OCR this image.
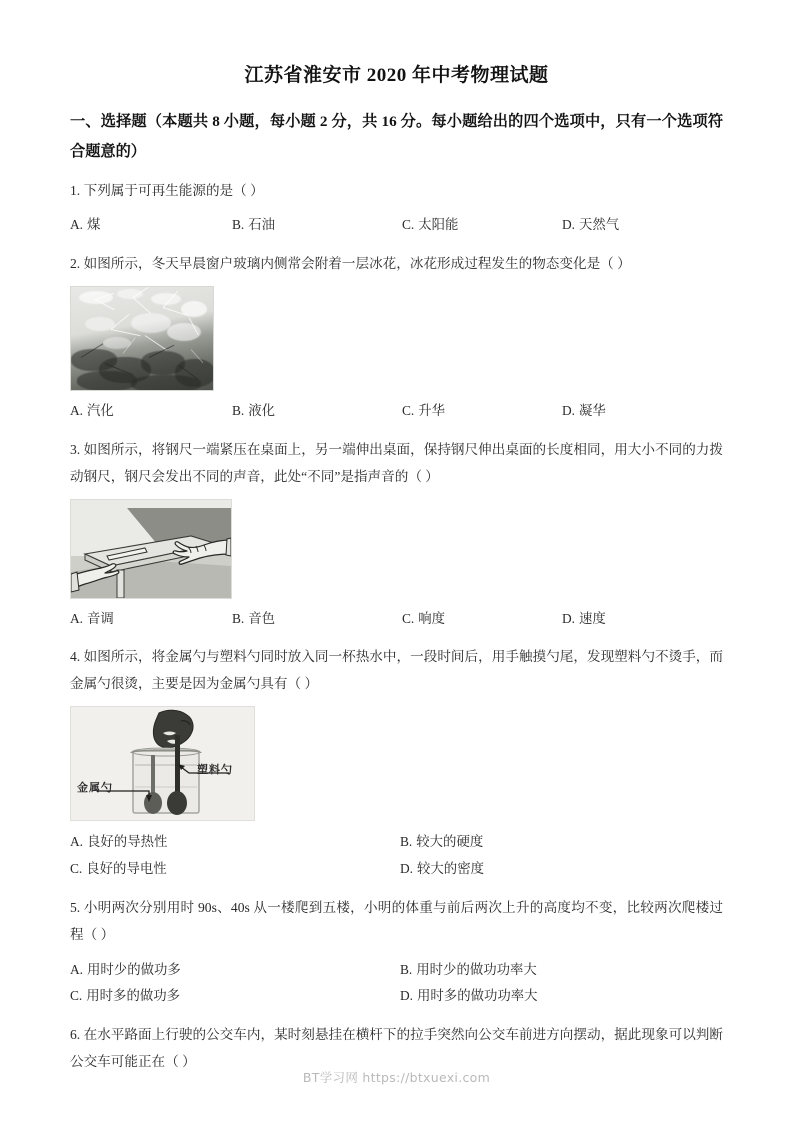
江苏省淮安市 2020 年中考物理试题

一、选择题（本题共 8 小题，每小题 2 分，共 16 分。每小题给出的四个选项中，只有一个选项符合题意的）

1. 下列属于可再生能源的是（ ）

A. 煤	B. 石油	C. 太阳能	D. 天然气

2. 如图所示，冬天早晨窗户玻璃内侧常会附着一层冰花，冰花形成过程发生的物态变化是（ ）

A. 汽化	B. 液化	C. 升华	D. 凝华

3. 如图所示，将钢尺一端紧压在桌面上，另一端伸出桌面，保持钢尺伸出桌面的长度相同，用大小不同的力拨动钢尺，钢尺会发出不同的声音，此处“不同”是指声音的（ ）

A. 音调	B. 音色	C. 响度	D. 速度

4. 如图所示，将金属勺与塑料勺同时放入同一杯热水中，一段时间后，用手触摸勺尾，发现塑料勺不烫手，而金属勺很烫，主要是因为金属勺具有（ ）

金属勺
塑料勺
A. 良好的导热性	B. 较大的硬度
C. 良好的导电性	D. 较大的密度

5. 小明两次分别用时 90s、40s 从一楼爬到五楼，小明的体重与前后两次上升的高度均不变，比较两次爬楼过程（ ）

A. 用时少的做功多	B. 用时少的做功功率大
C. 用时多的做功多	D. 用时多的做功功率大

6. 在水平路面上行驶的公交车内，某时刻悬挂在横杆下的拉手突然向公交车前进方向摆动，据此现象可以判断公交车可能正在（ ）

BT学习网 https://btxuexi.com
